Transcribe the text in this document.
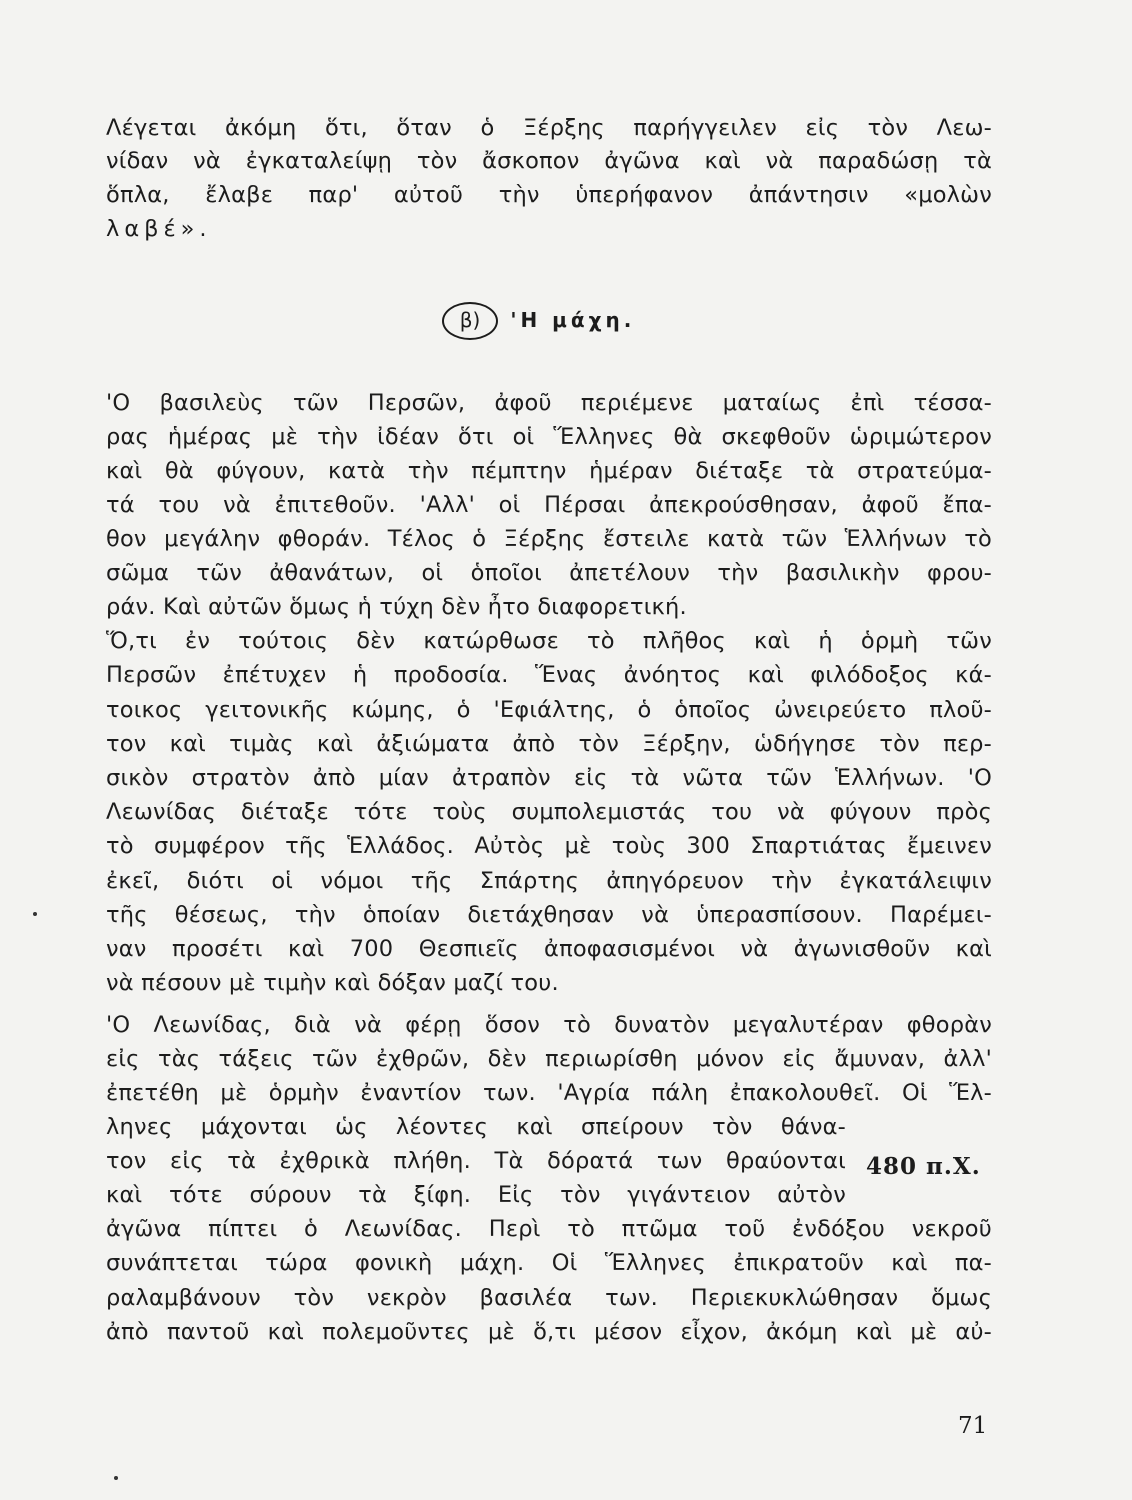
Λέγεται ἀκόμη ὅτι, ὅταν ὁ Ξέρξης παρήγγειλεν εἰς τὸν Λεω-
νίδαν νὰ ἐγκαταλείψῃ τὸν ἄσκοπον ἀγῶνα καὶ νὰ παραδώσῃ τὰ
ὅπλα, ἔλαβε παρ' αὐτοῦ τὴν ὑπερήφανον ἀπάντησιν «μολὼν
λαβέ».
β) 'Η μάχη.
'Ο βασιλεὺς τῶν Περσῶν, ἀφοῦ περιέμενε ματαίως ἐπὶ τέσσα-
ρας ἡμέρας μὲ τὴν ἰδέαν ὅτι οἱ Ἕλληνες θὰ σκεφθοῦν ὡριμώτερον
καὶ θὰ φύγουν, κατὰ τὴν πέμπτην ἡμέραν διέταξε τὰ στρατεύμα-
τά του νὰ ἐπιτεθοῦν. 'Αλλ' οἱ Πέρσαι ἀπεκρούσθησαν, ἀφοῦ ἔπα-
θον μεγάλην φθοράν. Τέλος ὁ Ξέρξης ἔστειλε κατὰ τῶν Ἑλλήνων τὸ
σῶμα τῶν ἀθανάτων, οἱ ὁποῖοι ἀπετέλουν τὴν βασιλικὴν φρου-
ράν. Καὶ αὐτῶν ὅμως ἡ τύχη δὲν ἦτο διαφορετική.
Ὅ,τι ἐν τούτοις δὲν κατώρθωσε τὸ πλῆθος καὶ ἡ ὁρμὴ τῶν
Περσῶν ἐπέτυχεν ἡ προδοσία. Ἕνας ἀνόητος καὶ φιλόδοξος κά-
τοικος γειτονικῆς κώμης, ὁ 'Εφιάλτης, ὁ ὁποῖος ὠνειρεύετο πλοῦ-
τον καὶ τιμὰς καὶ ἀξιώματα ἀπὸ τὸν Ξέρξην, ὡδήγησε τὸν περ-
σικὸν στρατὸν ἀπὸ μίαν ἀτραπὸν εἰς τὰ νῶτα τῶν Ἑλλήνων. 'Ο
Λεωνίδας διέταξε τότε τοὺς συμπολεμιστάς του νὰ φύγουν πρὸς
τὸ συμφέρον τῆς Ἑλλάδος. Αὐτὸς μὲ τοὺς 300 Σπαρτιάτας ἔμεινεν
ἐκεῖ, διότι οἱ νόμοι τῆς Σπάρτης ἀπηγόρευον τὴν ἐγκατάλειψιν
τῆς θέσεως, τὴν ὁποίαν διετάχθησαν νὰ ὑπερασπίσουν. Παρέμει-
ναν προσέτι καὶ 700 Θεσπιεῖς ἀποφασισμένοι νὰ ἀγωνισθοῦν καὶ
νὰ πέσουν μὲ τιμὴν καὶ δόξαν μαζί του.
'Ο Λεωνίδας, διὰ νὰ φέρῃ ὅσον τὸ δυνατὸν μεγαλυτέραν φθορὰν
εἰς τὰς τάξεις τῶν ἐχθρῶν, δὲν περιωρίσθη μόνον εἰς ἄμυναν, ἀλλ'
ἐπετέθη μὲ ὁρμὴν ἐναντίον των. 'Αγρία πάλη ἐπακολουθεῖ. Οἱ Ἕλ-
ληνες μάχονται ὡς λέοντες καὶ σπείρουν τὸν θάνα-
τον εἰς τὰ ἐχθρικὰ πλήθη. Τὰ δόρατά των θραύονται
καὶ τότε σύρουν τὰ ξίφη. Εἰς τὸν γιγάντειον αὐτὸν
ἀγῶνα πίπτει ὁ Λεωνίδας. Περὶ τὸ πτῶμα τοῦ ἐνδόξου νεκροῦ
συνάπτεται τώρα φονικὴ μάχη. Οἱ Ἕλληνες ἐπικρατοῦν καὶ πα-
ραλαμβάνουν τὸν νεκρὸν βασιλέα των. Περιεκυκλώθησαν ὅμως
ἀπὸ παντοῦ καὶ πολεμοῦντες μὲ ὅ,τι μέσον εἶχον, ἀκόμη καὶ μὲ αὐ-
480 π.Χ.
71
